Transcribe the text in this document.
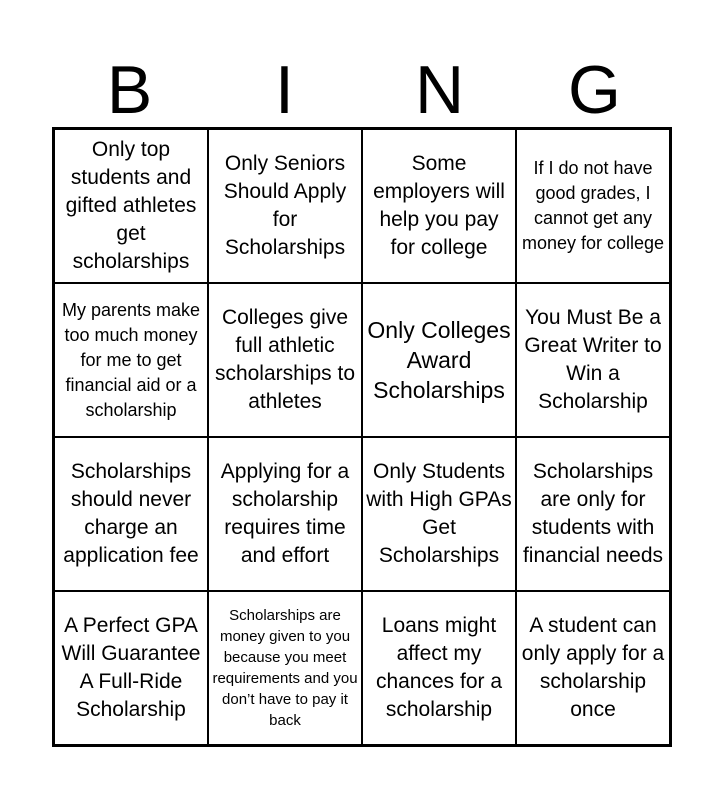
B	I	N	G
Only top students and gifted athletes get scholarships
Only Seniors Should Apply for Scholarships
Some employers will help you pay for college
If I do not have good grades, I cannot get any money for college
My parents make too much money for me to get financial aid or a scholarship
Colleges give full athletic scholarships to athletes
Only Colleges Award Scholarships
You Must Be a Great Writer to Win a Scholarship
Scholarships should never charge an application fee
Applying for a scholarship requires time and effort
Only Students with High GPAs Get Scholarships
Scholarships are only for students with financial needs
A Perfect GPA Will Guarantee A Full-Ride Scholarship
Scholarships are money given to you because you meet requirements and you don’t have to pay it back
Loans might affect my chances for a scholarship
A student can only apply for a scholarship once
